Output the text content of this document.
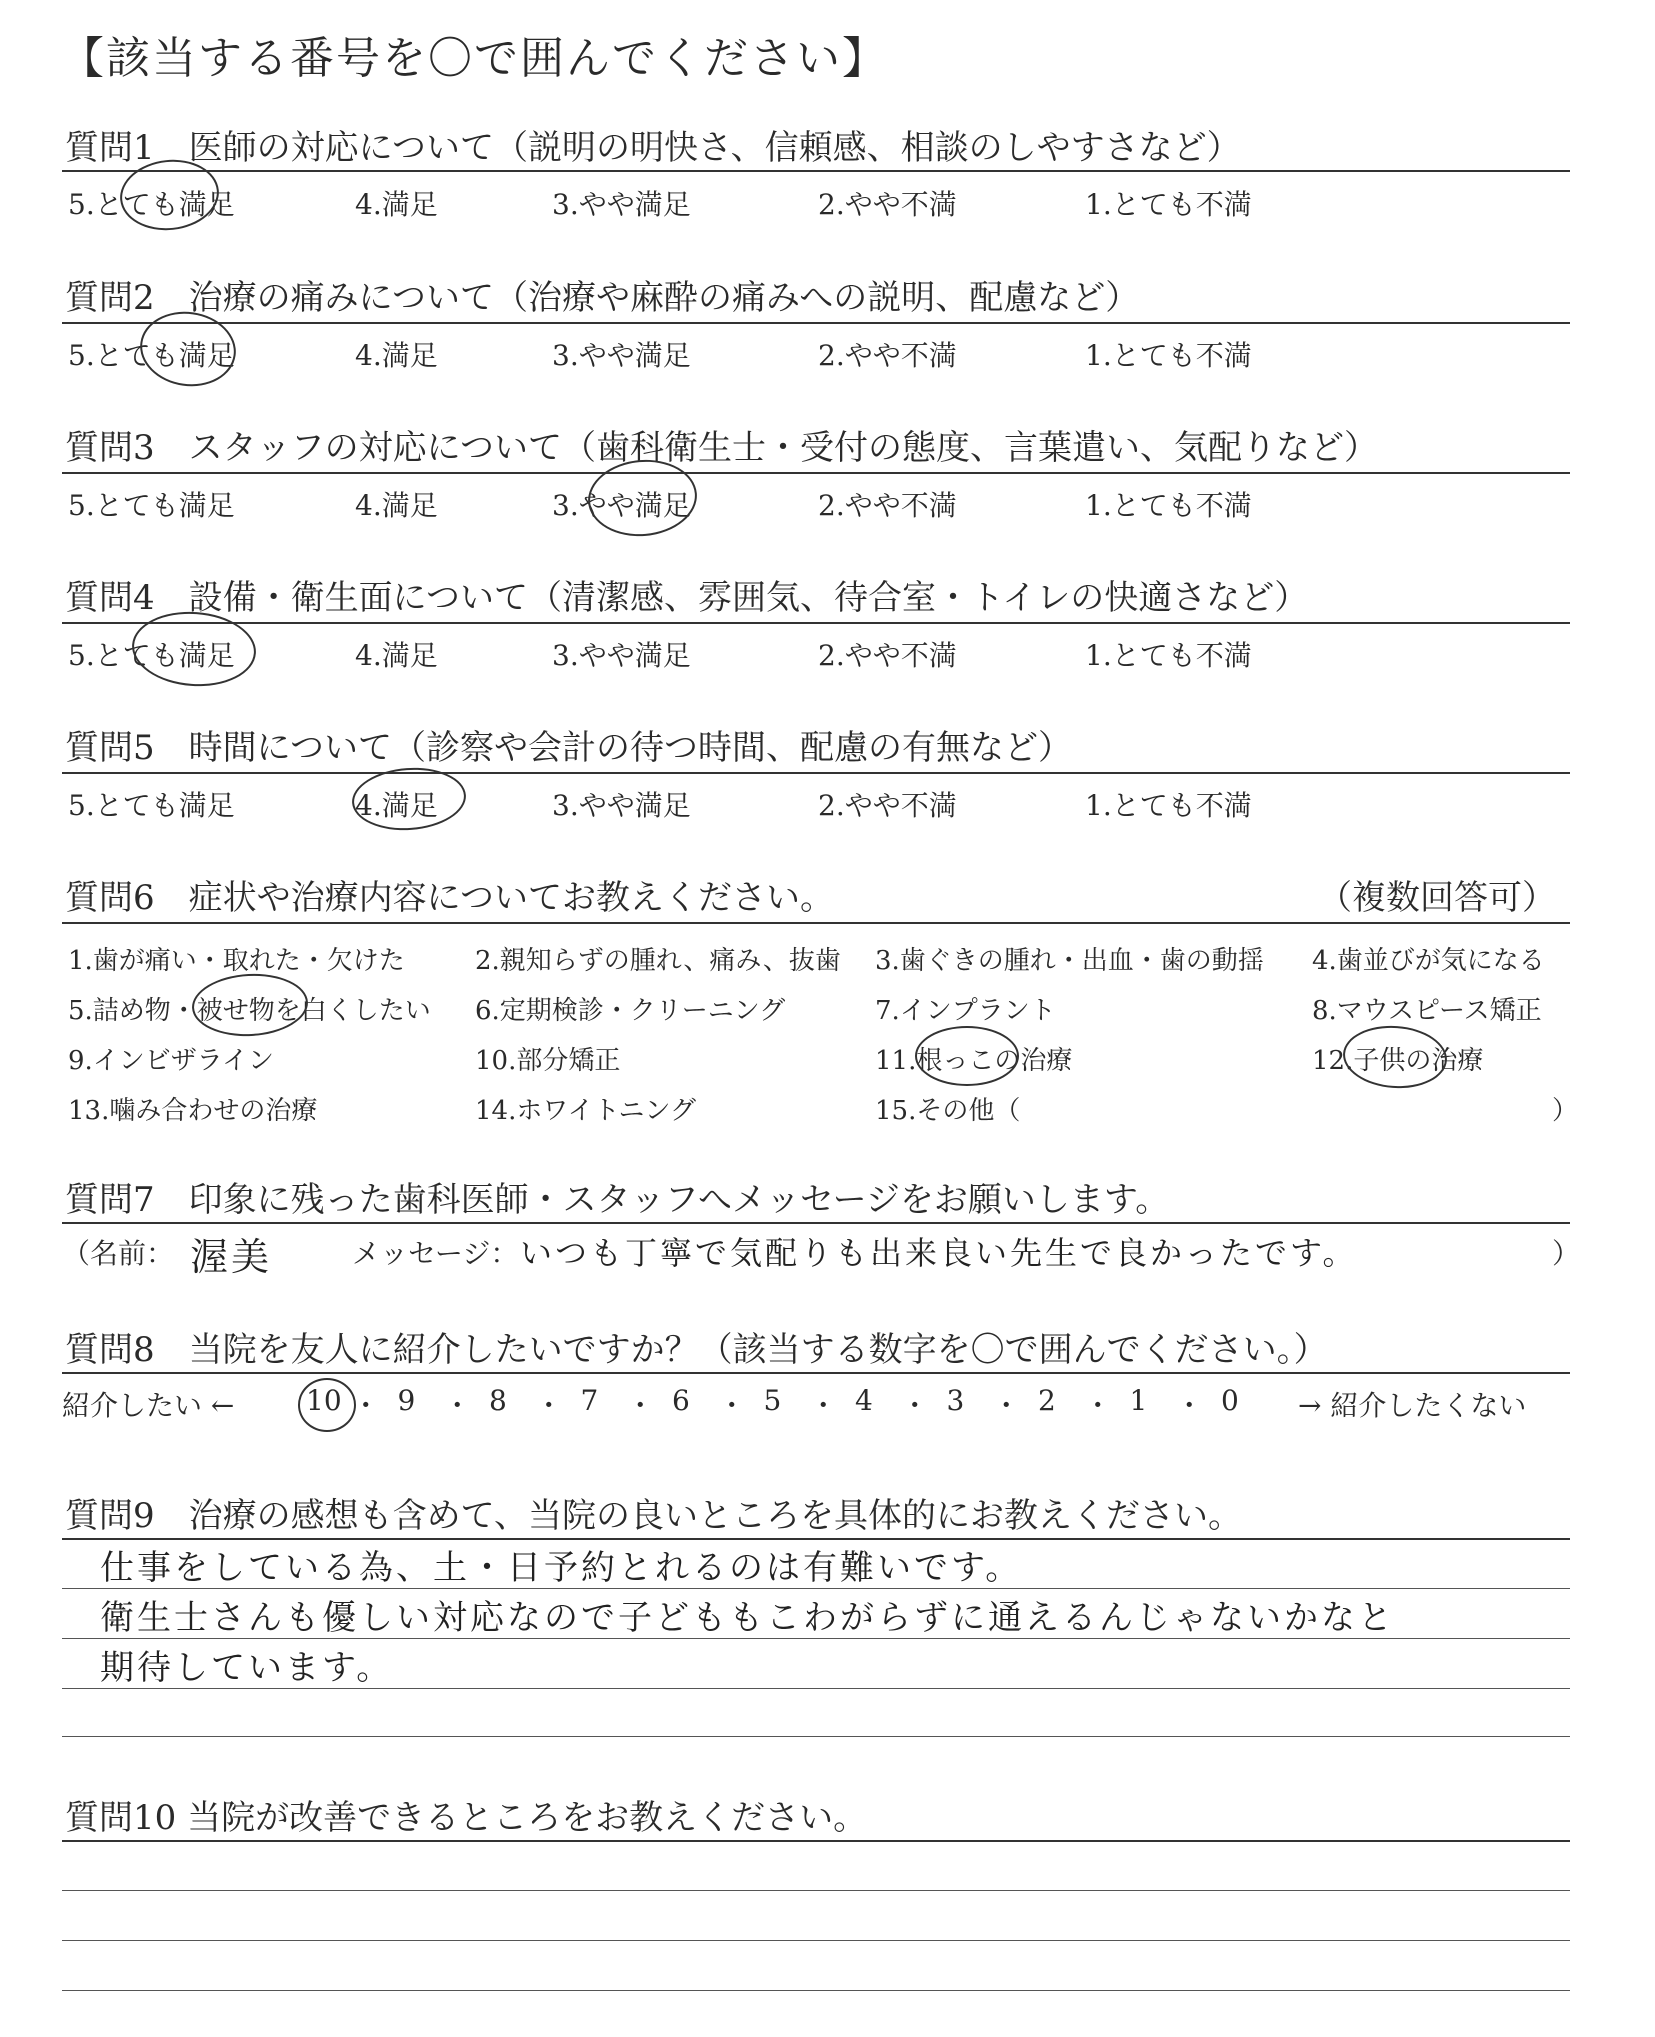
【該当する番号を〇で囲んでください】
質問1　医師の対応について（説明の明快さ、信頼感、相談のしやすさなど）
5.とても満足	4.満足	3.やや満足	2.やや不満	1.とても不満
質問2　治療の痛みについて（治療や麻酔の痛みへの説明、配慮など）
5.とても満足	4.満足	3.やや満足	2.やや不満	1.とても不満
質問3　スタッフの対応について（歯科衛生士・受付の態度、言葉遣い、気配りなど）
5.とても満足	4.満足	3.やや満足	2.やや不満	1.とても不満
質問4　設備・衛生面について（清潔感、雰囲気、待合室・トイレの快適さなど）
5.とても満足	4.満足	3.やや満足	2.やや不満	1.とても不満
質問5　時間について（診察や会計の待つ時間、配慮の有無など）
5.とても満足	4.満足	3.やや満足	2.やや不満	1.とても不満
質問6　症状や治療内容についてお教えください。	（複数回答可）
1.歯が痛い・取れた・欠けた	2.親知らずの腫れ、痛み、抜歯 3.歯ぐきの腫れ・出血・歯の動揺 4.歯並びが気になる
5.詰め物・被せ物を白くしたい 6.定期検診・クリーニング	7.インプラント	8.マウスピース矯正
9.インビザライン	10.部分矯正	11.根っこの治療	12.子供の治療
13.噛み合わせの治療	14.ホワイトニング	15.その他（	）
質問7　印象に残った歯科医師・スタッフへメッセージをお願いします。
（名前： 渥美	メッセージ： いつも丁寧で気配りも出来良い先生で良かったです。	）
質問8　当院を友人に紹介したいですか？（該当する数字を〇で囲んでください。）
紹介したい ←	10 ・ 9 ・ 8 ・ 7 ・ 6 ・ 5 ・ 4 ・ 3 ・ 2 ・ 1 ・ 0 → 紹介したくない
質問9　治療の感想も含めて、当院の良いところを具体的にお教えください。
仕事をしている為、土・日予約とれるのは有難いです。
衛生士さんも優しい対応なので子どももこわがらずに通えるんじゃないかなと
期待しています。
質問10 当院が改善できるところをお教えください。
